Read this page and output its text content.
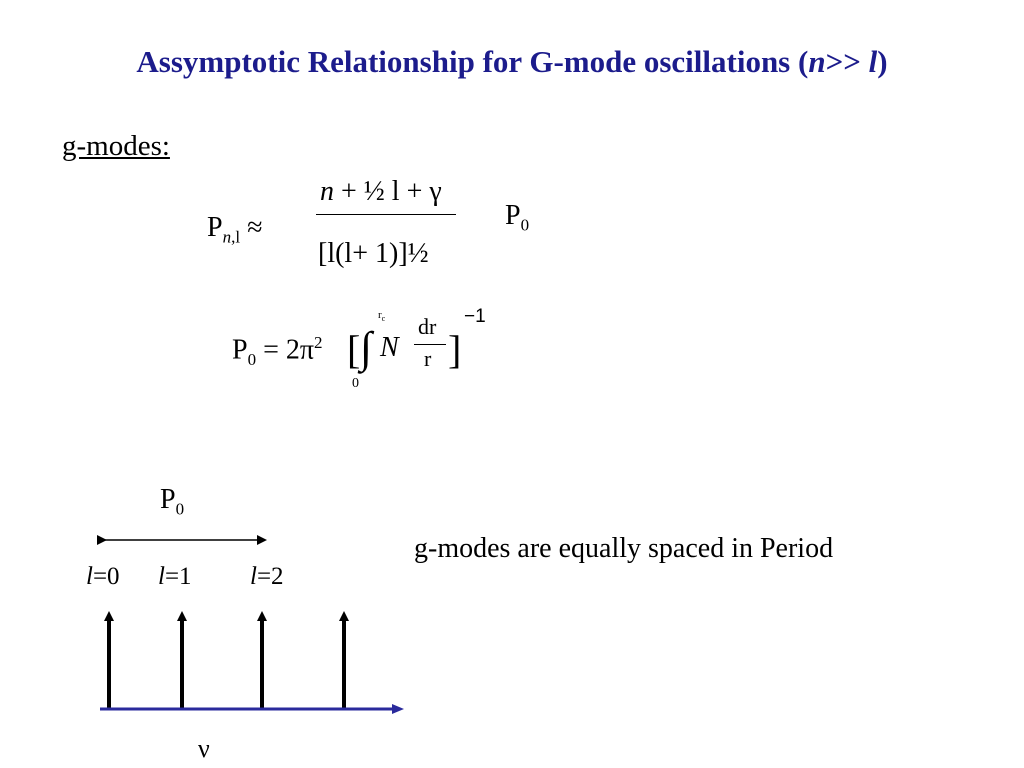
Assymptotic Relationship for G-mode oscillations (n>> l)
g-modes:
$P_{n,l}$ ≈
n + ½ l + γ
[l(l+ 1)]½
$P_0$
$P_0 = 2\pi^2$ [ ∫
$r_c$
0
N
dr
r ]
−1
$P_0$
l=0 l=1 l=2
ν
g-modes are equally spaced in Period
